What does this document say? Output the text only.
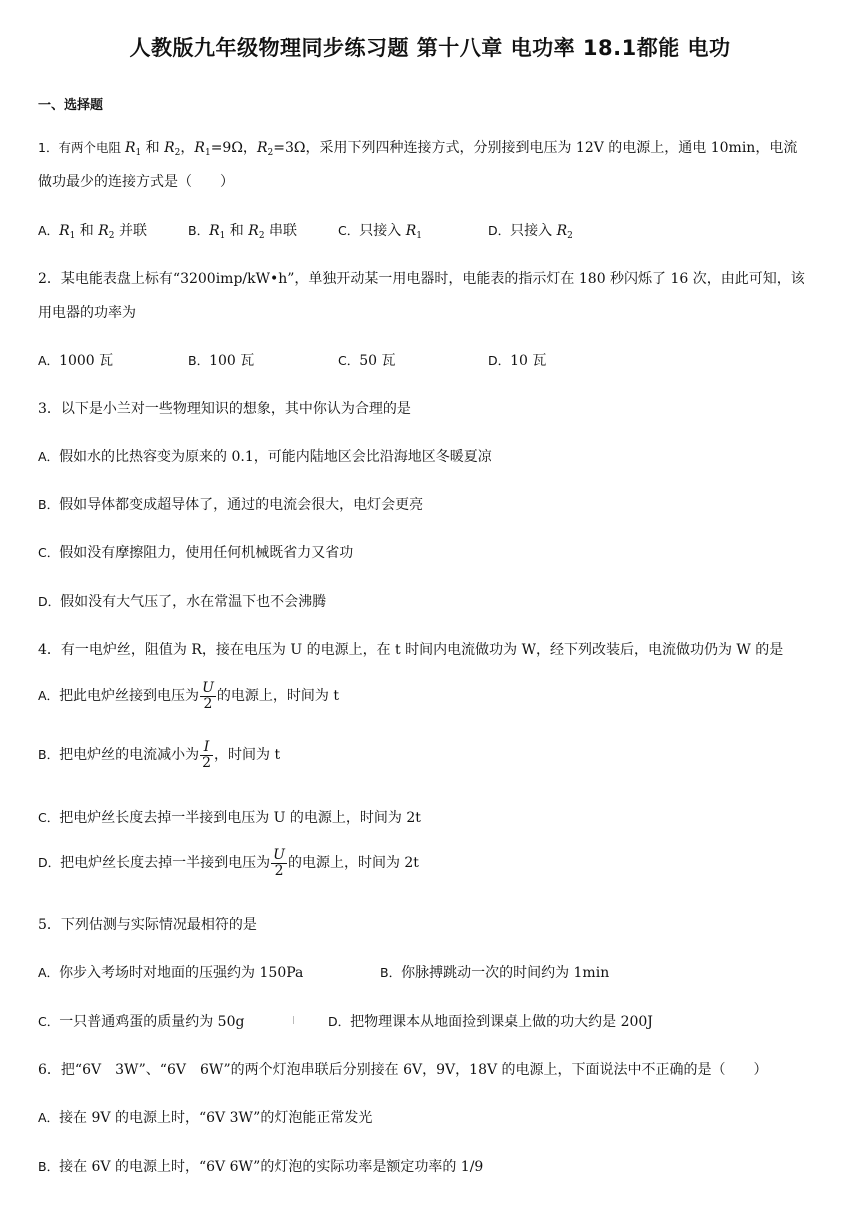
人教版九年级物理同步练习题 第十八章 电功率 18.1都能 电功
一、选择题
1．有两个电阻 $R_1$ 和 $R_2$，$R_1=9\Omega$，$R_2=3\Omega$，采用下列四种连接方式，分别接到电压为 12V 的电源上，通电 10min，电流
做功最少的连接方式是（　　）
A．$R_1$ 和 $R_2$ 并联	B．$R_1$ 和 $R_2$ 串联	C．只接入 $R_1$	D．只接入 $R_2$
2．某电能表盘上标有“3200imp/kW•h”，单独开动某一用电器时，电能表的指示灯在 180 秒闪烁了 16 次，由此可知，该
用电器的功率为
A．1000 瓦	B．100 瓦	C．50 瓦	D．10 瓦
3．以下是小兰对一些物理知识的想象，其中你认为合理的是
A．假如水的比热容变为原来的 0.1，可能内陆地区会比沿海地区冬暖夏凉
B．假如导体都变成超导体了，通过的电流会很大，电灯会更亮
C．假如没有摩擦阻力，使用任何机械既省力又省功
D．假如没有大气压了，水在常温下也不会沸腾
4．有一电炉丝，阻值为 R，接在电压为 U 的电源上，在 t 时间内电流做功为 W，经下列改装后，电流做功仍为 W 的是
A．把此电炉丝接到电压为 $\frac{U}{2}$ 的电源上，时间为 t
B．把电炉丝的电流减小为 $\frac{I}{2}$ ，时间为 t
C．把电炉丝长度去掉一半接到电压为 U 的电源上，时间为 2t
D．把电炉丝长度去掉一半接到电压为 $\frac{U}{2}$ 的电源上，时间为 2t
5．下列估测与实际情况最相符的是
A．你步入考场时对地面的压强约为 150Pa	B．你脉搏跳动一次的时间约为 1min
C．一只普通鸡蛋的质量约为 50g	D．把物理课本从地面捡到课桌上做的功大约是 200J
6．把“6V　3W”、“6V　6W”的两个灯泡串联后分别接在 6V，9V，18V 的电源上，下面说法中不正确的是（　　）
A．接在 9V 的电源上时，“6V 3W”的灯泡能正常发光
B．接在 6V 的电源上时，“6V 6W”的灯泡的实际功率是额定功率的 1/9
